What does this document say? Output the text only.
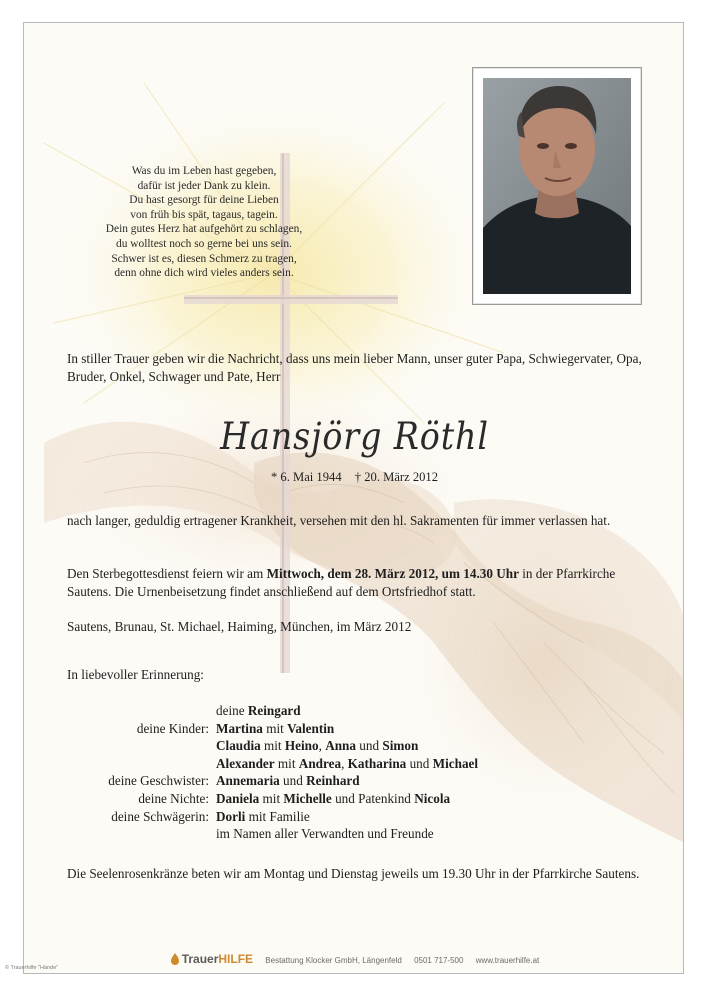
Was du im Leben hast gegeben,
dafür ist jeder Dank zu klein.
Du hast gesorgt für deine Lieben
von früh bis spät, tagaus, tagein.
Dein gutes Herz hat aufgehört zu schlagen,
du wolltest noch so gerne bei uns sein.
Schwer ist es, diesen Schmerz zu tragen,
denn ohne dich wird vieles anders sein.
In stiller Trauer geben wir die Nachricht, dass uns mein lieber Mann, unser guter Papa, Schwiegervater, Opa, Bruder, Onkel, Schwager und Pate, Herr
Hansjörg Röthl
* 6. Mai 1944 † 20. März 2012
nach langer, geduldig ertragener Krankheit, versehen mit den hl. Sakramenten für immer verlassen hat.
Den Sterbegottesdienst feiern wir am Mittwoch, dem 28. März 2012, um 14.30 Uhr in der Pfarrkirche Sautens. Die Urnenbeisetzung findet anschließend auf dem Ortsfriedhof statt.
Sautens, Brunau, St. Michael, Haiming, München, im März 2012
In liebevoller Erinnerung:
deine Reingard
deine Kinder: Martina mit Valentin
Claudia mit Heino, Anna und Simon
Alexander mit Andrea, Katharina und Michael
deine Geschwister: Annemaria und Reinhard
deine Nichte: Daniela mit Michelle und Patenkind Nicola
deine Schwägerin: Dorli mit Familie
im Namen aller Verwandten und Freunde
Die Seelenrosenkränze beten wir am Montag und Dienstag jeweils um 19.30 Uhr in der Pfarrkirche Sautens.
TrauerHILFE Bestattung Klocker GmbH, Längenfeld 0501 717-500 www.trauerhilfe.at
© Trauerhilfe "Hände"
